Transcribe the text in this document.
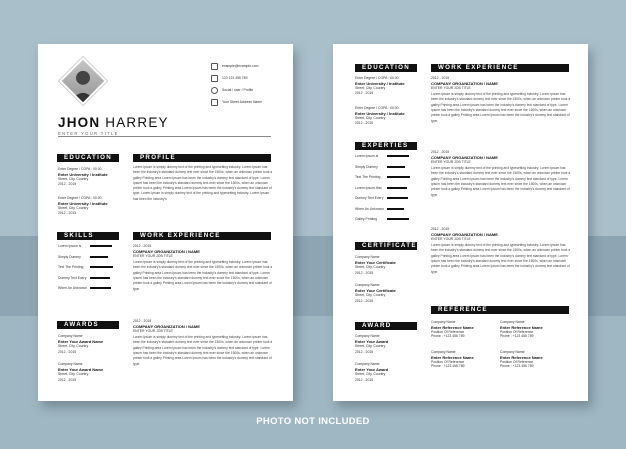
JHON HARREY
ENTER YOUR TITLE
example@example.com
123 123 456 789
Social / user / Profile
Your Street Address Name
EDUCATION
Enter Degree / CGPA : 00.00
Enter University / Institute
Street, City, Country
2012 - 2015
Enter Degree / CGPA : 00.00
Enter University / Institute
Street, City, Country
2012 - 2015
PROFILE
Lorem Ipsum is simply dummy text of the printing and typesetting industry. Lorem Ipsum has been the industry's standard dummy text ever since the 1500s, when an unknown printer took a galley Printing area Lorem Ipsum has been the industry's dummy text standard of type. Lorem Ipsum has been the industry's standard dummy text ever since the 1500s, when an unknown printer took a galley Printing area Lorem Ipsum has been the industry's dummy text standard of type. Lorem Ipsum is simply dummy text of the printing and typesetting industry. Lorem Ipsum has been the industry's
SKILLS
Lorem Ipsum is
Simply Dummy
Text The Printing
Dummy Text Every
When An Unknown
WORK EXPERIENCE
2012 - 2015
COMPANY ORGANIZATION / NAME
ENTER YOUR JOB TITLE
Lorem Ipsum is simply dummy text of the printing and typesetting industry. Lorem Ipsum has been the industry's standard dummy text ever since the 1500s, when an unknown printer took a galley Printing area Lorem Ipsum has been the industry's dummy text standard of type. Lorem Ipsum has been the industry's standard dummy text ever since the 1500s, when an unknown printer took a galley Printing area Lorem Ipsum has been the industry's dummy text standard of type.
2012 - 2015
COMPANY ORGANIZATION / NAME
ENTER YOUR JOB TITLE
Lorem Ipsum is simply dummy text of the printing and typesetting industry. Lorem Ipsum has been the industry's standard dummy text ever since the 1500s, when an unknown printer took a galley Printing area Lorem Ipsum has been the industry's dummy text standard of type. Lorem Ipsum has been the industry's standard dummy text ever since the 1500s, when an unknown printer took a galley Printing area Lorem Ipsum has been the industry's dummy text standard of type.
AWARDS
Company Name
Enter Your Award Name
Street, City, Country
2012 - 2015
Company Name
Enter Your Award Name
Street, City, Country
2012 - 2015
EDUCATION
Enter Degree / CGPA : 00.00
Enter University / Institute
Street, City, Country
2012 - 2015
Enter Degree / CGPA : 00.00
Enter University / Institute
Street, City, Country
2012 - 2015
EXPERTIES
Lorem Ipsum is
Simply Dummy
Text The Printing
Lorem Ipsum Has
Dummy Text Every
When An Unknown
Galley Printing
CERTIFICATE
Company Name
Enter Your Certificate
Street, City, Country
2012 - 2015
Company Name
Enter Your Certificate
Street, City, Country
2012 - 2015
AWARD
Company Name
Enter Your Award
Street, City, Country
2012 - 2015
Company Name
Enter Your Award
Street, City, Country
2012 - 2015
WORK EXPERIENCE
2012 - 2015
COMPANY ORGANIZATION / NAME
ENTER YOUR JOB TITLE
Lorem Ipsum is simply dummy text of the printing and typesetting industry. Lorem Ipsum has been the industry's standard dummy text ever since the 1500s, when an unknown printer took a galley Printing area Lorem Ipsum has been the industry's dummy text standard of type. Lorem Ipsum has been the industry's standard dummy text ever since the 1500s, when an unknown printer took a galley Printing area Lorem Ipsum has been the industry's dummy text standard of type.
2012 - 2015
COMPANY ORGANIZATION / NAME
ENTER YOUR JOB TITLE
Lorem Ipsum is simply dummy text of the printing and typesetting industry. Lorem Ipsum has been the industry's standard dummy text ever since the 1500s, when an unknown printer took a galley Printing area Lorem Ipsum has been the industry's dummy text standard of type. Lorem Ipsum has been the industry's standard dummy text ever since the 1500s, when an unknown printer took a galley Printing area Lorem Ipsum has been the industry's dummy text standard of type.
2012 - 2015
COMPANY ORGANIZATION / NAME
ENTER YOUR JOB TITLE
Lorem Ipsum is simply dummy text of the printing and typesetting industry. Lorem Ipsum has been the industry's standard dummy text ever since the 1500s, when an unknown printer took a galley Printing area Lorem Ipsum has been the industry's dummy text standard of type. Lorem Ipsum has been the industry's standard dummy text ever since the 1500s, when an unknown printer took a galley Printing area Lorem Ipsum has been the industry's dummy text standard of type.
REFERENCE
Company Name
Enter Reference Name
Position Of Reference
Phone : +123 456 789
Company Name
Enter Reference Name
Position Of Reference
Phone : +123 456 789
Company Name
Enter Reference Name
Position Of Reference
Phone : +123 456 789
Company Name
Enter Reference Name
Position Of Reference
Phone : +123 456 789
PHOTO NOT INCLUDED
